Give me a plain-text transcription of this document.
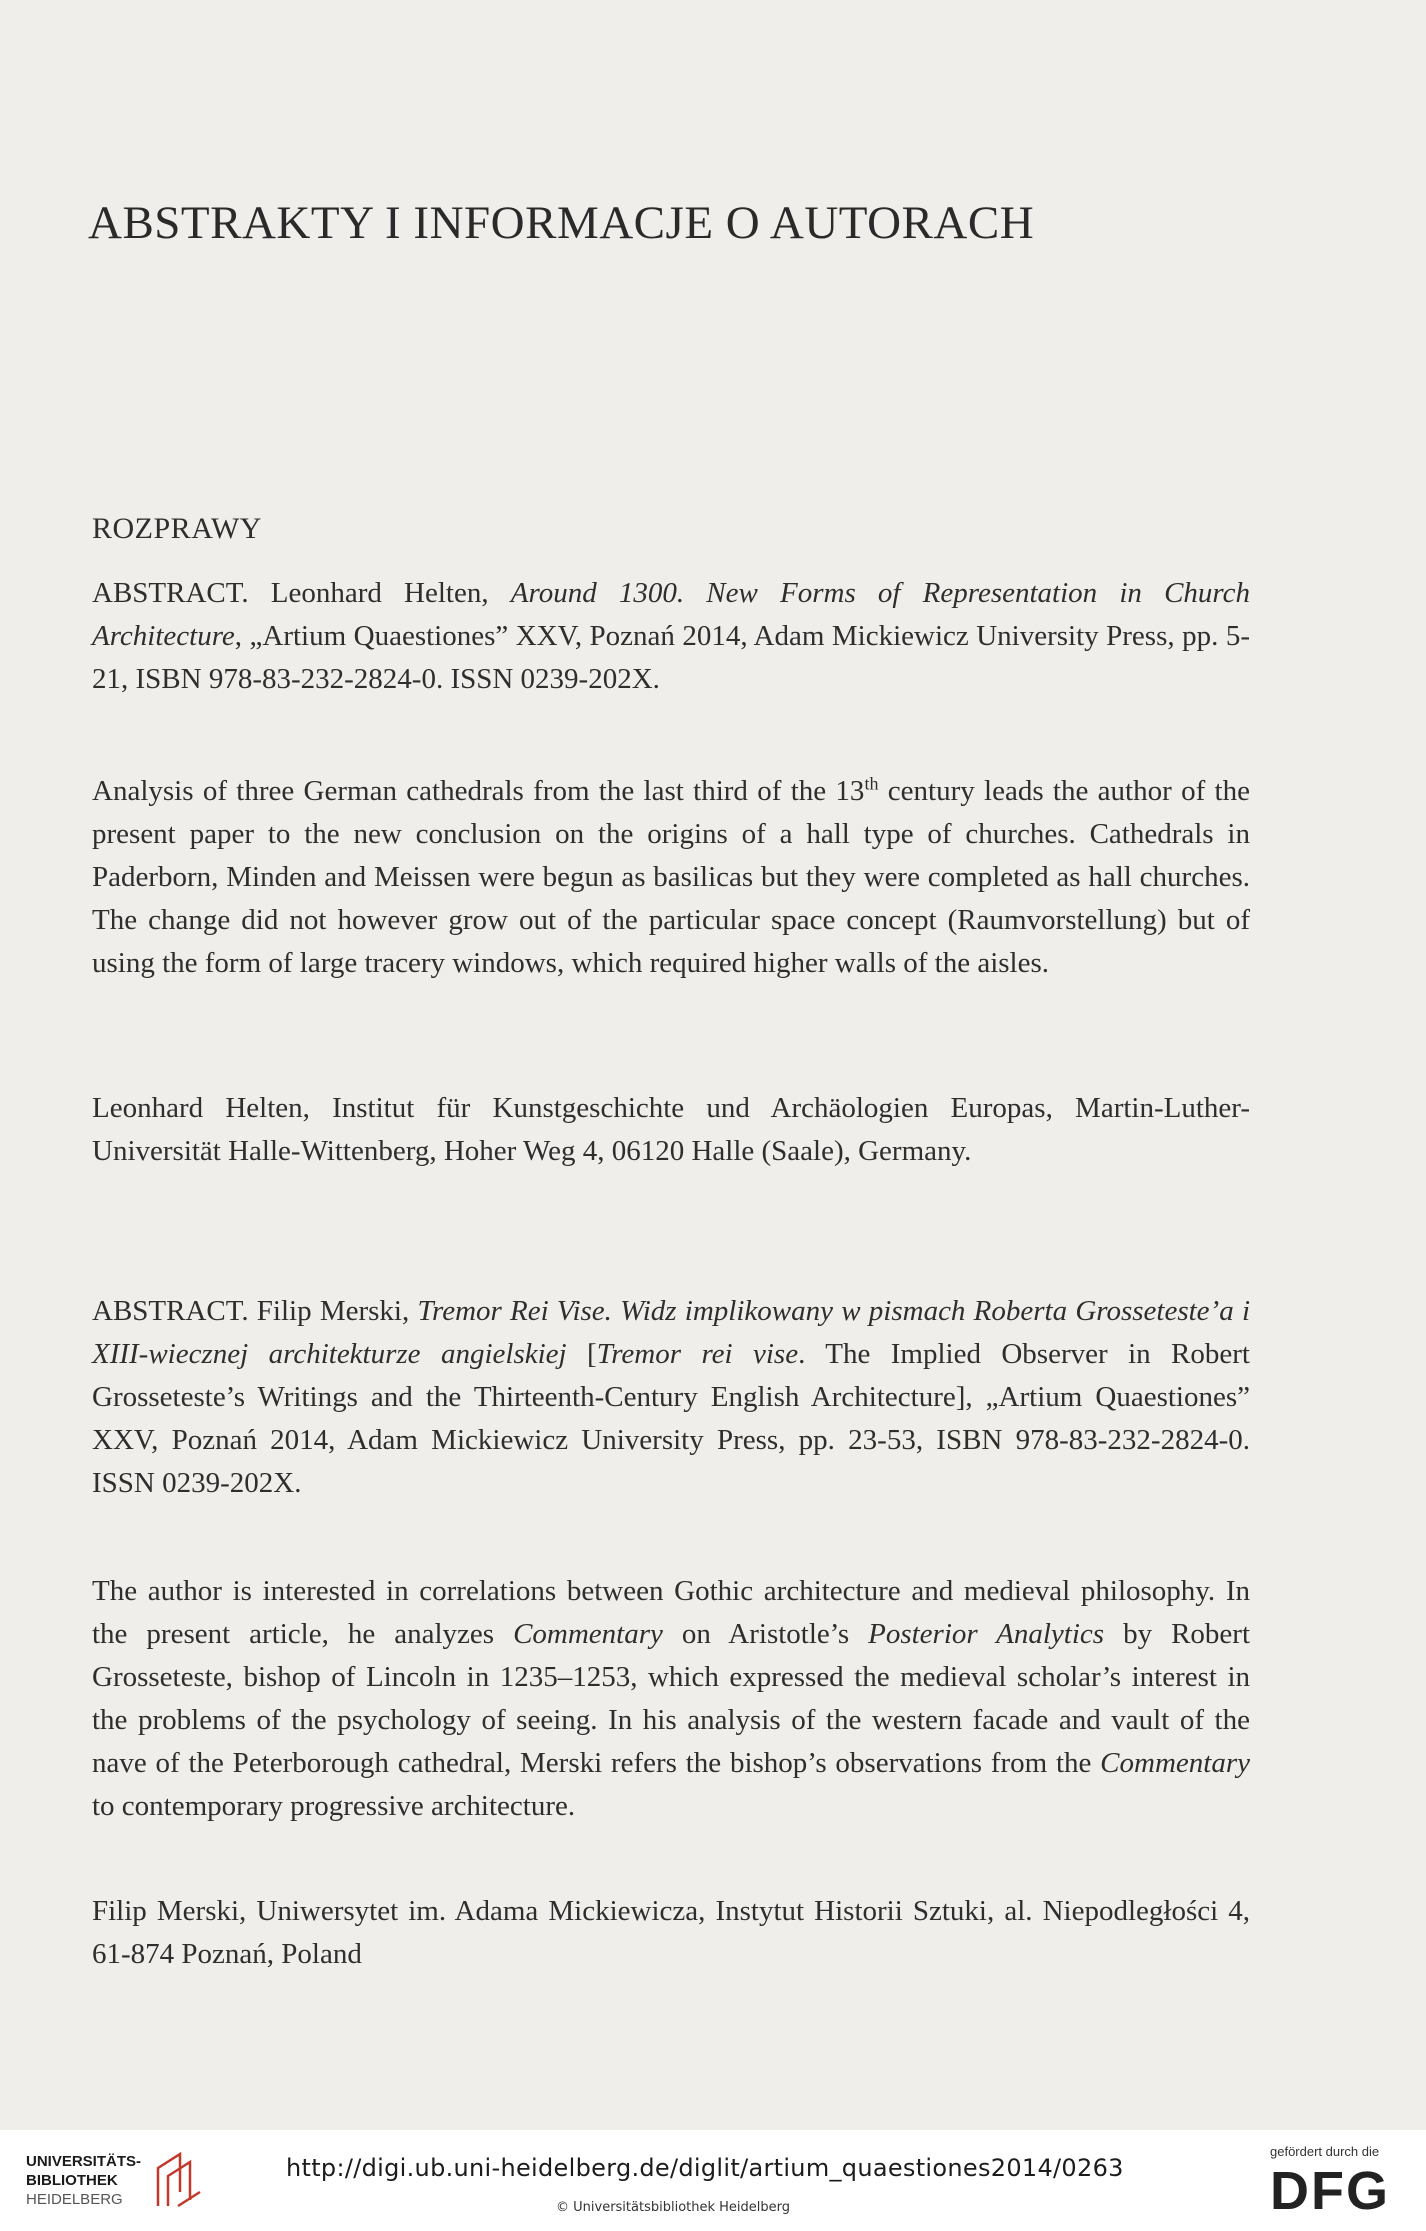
ABSTRAKTY I INFORMACJE O AUTORACH
ROZPRAWY

ABSTRACT. Leonhard Helten, Around 1300. New Forms of Representation in Church Architecture, „Artium Quaestiones” XXV, Poznań 2014, Adam Mickiewicz University Press, pp. 5-21, ISBN 978-83-232-2824-0. ISSN 0239-202X.

Analysis of three German cathedrals from the last third of the 13th century leads the author of the present paper to the new conclusion on the origins of a hall type of churches. Cathedrals in Paderborn, Minden and Meissen were begun as basilicas but they were completed as hall churches. The change did not however grow out of the particular space concept (Raumvorstellung) but of using the form of large tracery windows, which required higher walls of the aisles.

Leonhard Helten, Institut für Kunstgeschichte und Archäologien Europas, Martin-Luther-Universität Halle-Wittenberg, Hoher Weg 4, 06120 Halle (Saale), Germany.

ABSTRACT. Filip Merski, Tremor Rei Vise. Widz implikowany w pismach Roberta Grosseteste’a i XIII-wiecznej architekturze angielskiej [Tremor rei vise. The Implied Observer in Robert Grosseteste’s Writings and the Thirteenth-Century English Architecture], „Artium Quaestiones” XXV, Poznań 2014, Adam Mickiewicz University Press, pp. 23-53, ISBN 978-83-232-2824-0. ISSN 0239-202X.

The author is interested in correlations between Gothic architecture and medieval philosophy. In the present article, he analyzes Commentary on Aristotle’s Posterior Analytics by Robert Grosseteste, bishop of Lincoln in 1235–1253, which expressed the medieval scholar’s interest in the problems of the psychology of seeing. In his analysis of the western facade and vault of the nave of the Peterborough cathedral, Merski refers the bishop’s observations from the Commentary to contemporary progressive architecture.

Filip Merski, Uniwersytet im. Adama Mickiewicza, Instytut Historii Sztuki, al. Niepodległości 4, 61-874 Poznań, Poland

UNIVERSITÄTS-
BIBLIOTHEK
HEIDELBERG
http://digi.ub.uni-heidelberg.de/diglit/artium_quaestiones2014/0263
© Universitätsbibliothek Heidelberg
gefördert durch die
DFG
